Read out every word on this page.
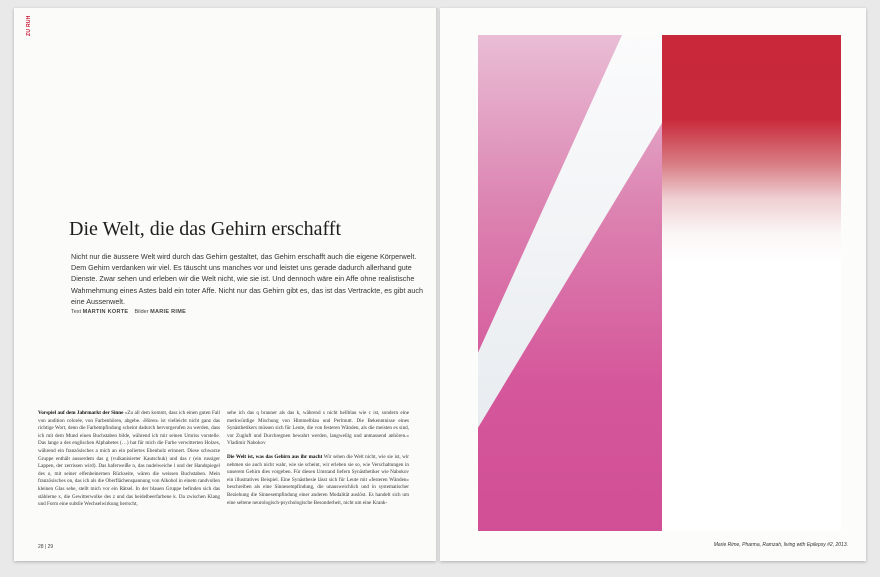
ZU RUH
Die Welt, die das Gehirn erschafft
Nicht nur die äussere Welt wird durch das Gehirn gestaltet, das Gehirn erschafft auch die eigene Körperwelt. Dem Gehirn verdanken wir viel. Es täuscht uns manches vor und leistet uns gerade dadurch allerhand gute Dienste. Zwar sehen und erleben wir die Welt nicht, wie sie ist. Und dennoch wäre ein Affe ohne realistische Wahrnehmung eines Astes bald ein toter Affe. Nicht nur das Gehirn gibt es, das ist das Vertrackte, es gibt auch eine Aussenwelt.
Text MARTIN KORTE Bilder MARIE RIME

Vorspiel auf dem Jahrmarkt der Sinne «Zu all dem kommt, dass ich einen guten Fall von audition colorée, von Farbenhören, abgebe. ‹Hören› ist vielleicht nicht ganz das richtige Wort, denn die Farbempfindung scheint dadurch hervorgerufen zu werden, dass ich mit dem Mund einen Buchstaben bilde, während ich mir seinen Umriss vorstelle. Das lange a des englischen Alphabetes (…) hat für mich die Farbe verwitterten Holzes, während ein französisches a mich an ein poliertes Ebenholz erinnert. Diese schwarze Gruppe enthält ausserdem das g (vulkanisierter Kautschuk) und das r (ein russiger Lappen, der zerrissen wird). Das haferweiße n, das nudelweiche l und der Handspiegel des o, mit seiner elfenbeinernen Rückseite, wären die weissen Buchstaben. Mein französisches on, das ich als die Oberflächenspannung von Alkohol in einem randvollen kleinen Glas sehe, stellt mich vor ein Rätsel. In der blauen Gruppe befinden sich das stählerne x, die Gewitterwolke des z und das heidelbeerfarbene k. Da zwischen Klang und Form eine subtile Wechselwirkung herrscht,

sehe ich das q brauner als das k, während s nicht hellblau wie c ist, sondern eine merkwürdige Mischung von Himmelblau und Perlmutt. Die Bekenntnisse eines Synästhetikers müssen sich für Leute, die von festeren Wänden, als die meisten es sind, vor Zugluft und Durchregnen bewahrt werden, langweilig und anmassend anhören.» Vladimir Nabokov

Die Welt ist, was das Gehirn aus ihr macht Wir sehen die Welt nicht, wie sie ist, wir nehmen sie auch nicht wahr, wie sie scheint, wir erleben sie so, wie Verschaltungen in unserem Gehirn dies vorgeben. Für diesen Umstand liefern Synästhetiker wie Nabokov ein illustratives Beispiel. Eine Synästhesie lässt sich für Leute mit «festeren Wänden» beschreiben als eine Sinnesempfindung, die unausweichlich und in systematischer Beziehung die Sinnesempfindung einer anderen Modalität auslöst. Es handelt sich um eine seltene neurologisch-psychologische Besonderheit, nicht um eine Krank-

28 | 29	Marie Rime, Pharma, Ramzah, living with Epilepsy #2, 2013.
